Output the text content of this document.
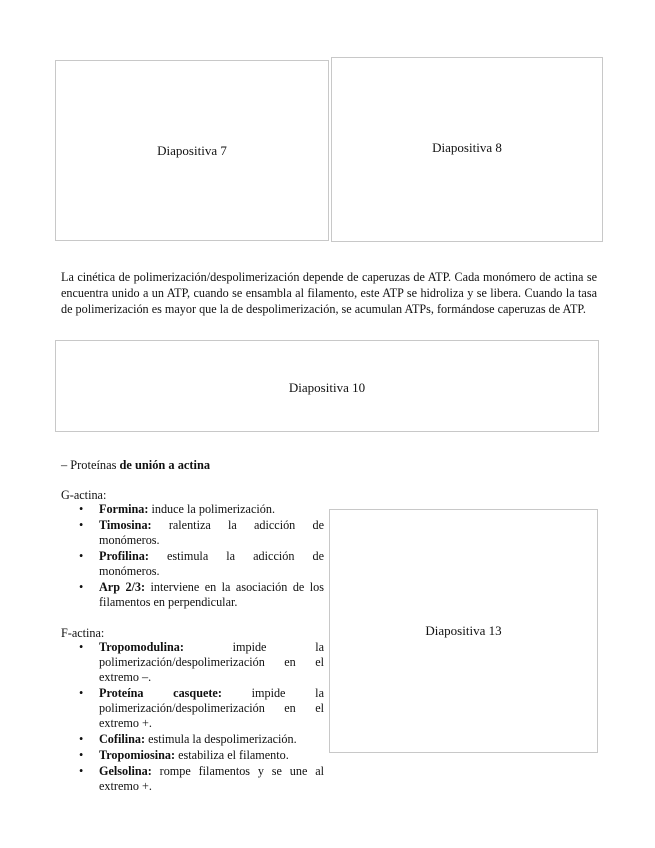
Diapositiva 7	Diapositiva 8

La cinética de polimerización/despolimerización depende de caperuzas de ATP. Cada monómero de actina se encuentra unido a un ATP, cuando se ensambla al filamento, este ATP se hidroliza y se libera. Cuando la tasa de polimerización es mayor que la de despolimerización, se acumulan ATPs, formándose caperuzas de ATP.

Diapositiva 10

– Proteínas de unión a actina

G-actina:

• Formina: induce la polimerización.
• Timosina: ralentiza la adicción de monómeros.
• Profilina: estimula la adicción de monómeros.
• Arp 2/3: interviene en la asociación de los filamentos en perpendicular.

F-actina:

• Tropomodulina: impide la polimerización/despolimerización en el extremo –.
• Proteína casquete: impide la polimerización/despolimerización en el extremo +.
• Cofilina: estimula la despolimerización.
• Tropomiosina: estabiliza el filamento.
• Gelsolina: rompe filamentos y se une al extremo +.
Diapositiva 13
